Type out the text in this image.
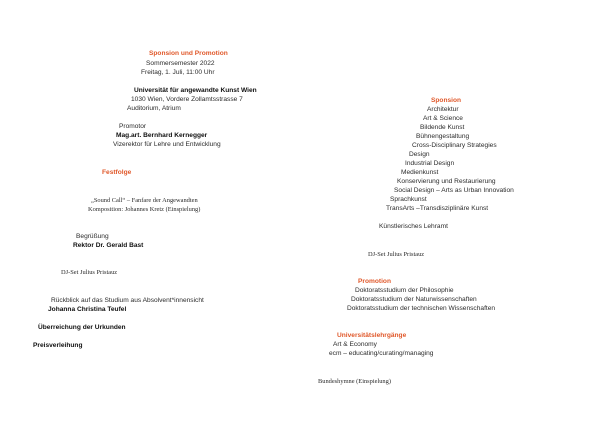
Sponsion und Promotion
Sommersemester 2022
Freitag, 1. Juli, 11:00 Uhr
Universität für angewandte Kunst Wien
1030 Wien, Vordere Zollamtsstrasse 7
Auditorium, Atrium
Promotor
Mag.art. Bernhard Kernegger
Vizerektor für Lehre und Entwicklung
Festfolge
„Sound Call“ – Fanfare der Angewandten
Komposition: Johannes Kretz (Einspielung)
Begrüßung
Rektor Dr. Gerald Bast
DJ-Set Julius Pristauz
Rückblick auf das Studium aus Absolvent*innensicht
Johanna Christina Teufel
Überreichung der Urkunden
Preisverleihung
Sponsion
Architektur
Art & Science
Bildende Kunst
Bühnengestaltung
Cross-Disciplinary Strategies
Design
Industrial Design
Medienkunst
Konservierung und Restaurierung
Social Design – Arts as Urban Innovation
Sprachkunst
TransArts –Transdisziplinäre Kunst
Künstlerisches Lehramt
DJ-Set Julius Pristauz
Promotion
Doktoratsstudium der Philosophie
Doktoratsstudium der Naturwissenschaften
Doktoratsstudium der technischen Wissenschaften
Universitätslehrgänge
Art & Economy
ecm – educating/curating/managing
Bundeshymne (Einspielung)
